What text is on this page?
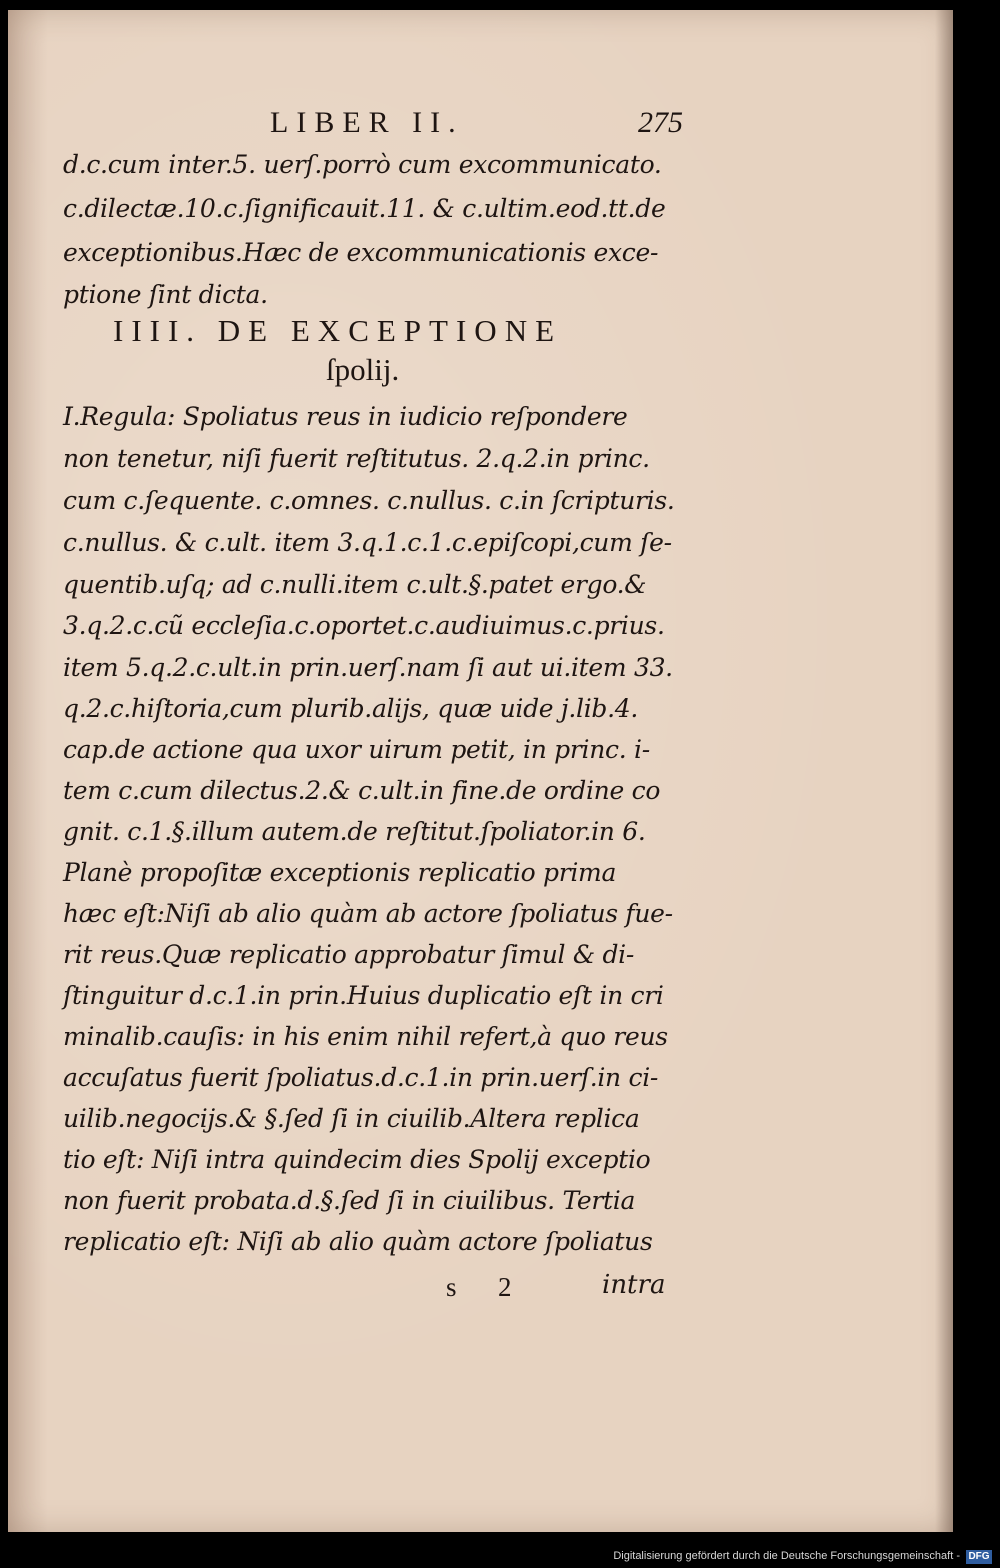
LIBER II.	275
d.c.cum inter.5. uerſ.porrò cum excommunicato.
c.dilectæ.10.c.ſignificauit.11. & c.ultim.eod.tt.de
exceptionibus.Hæc de excommunicationis exce-
ptione ſint dicta.
IIII. DE EXCEPTIONE
ſpolij.
I.Regula: Spoliatus reus in iudicio reſpondere
non tenetur, niſi fuerit reſtitutus. 2.q.2.in princ.
cum c.ſequente. c.omnes. c.nullus. c.in ſcripturis.
c.nullus. & c.ult. item 3.q.1.c.1.c.epiſcopi,cum ſe-
quentib.uſq; ad c.nulli.item c.ult.§.patet ergo.&
3.q.2.c.cũ eccleſia.c.oportet.c.audiuimus.c.prius.
item 5.q.2.c.ult.in prin.uerſ.nam ſi aut ui.item 33.
q.2.c.hiſtoria,cum plurib.alijs, quæ uide j.lib.4.
cap.de actione qua uxor uirum petit, in princ. i-
tem c.cum dilectus.2.& c.ult.in fine.de ordine co
gnit. c.1.§.illum autem.de reſtitut.ſpoliator.in 6.
Planè propoſitæ exceptionis replicatio prima
hæc eſt:Niſi ab alio quàm ab actore ſpoliatus fue-
rit reus.Quæ replicatio approbatur ſimul & di-
ſtinguitur d.c.1.in prin.Huius duplicatio eſt in cri
minalib.cauſis: in his enim nihil refert,à quo reus
accuſatus fuerit ſpoliatus.d.c.1.in prin.uerſ.in ci-
uilib.negocijs.& §.ſed ſi in ciuilib.Altera replica
tio eſt: Niſi intra quindecim dies Spolij exceptio
non fuerit probata.d.§.ſed ſi in ciuilibus. Tertia
replicatio eſt: Niſi ab alio quàm actore ſpoliatus
s 2	intra
Digitalisierung gefördert durch die Deutsche Forschungsgemeinschaft - DFG
